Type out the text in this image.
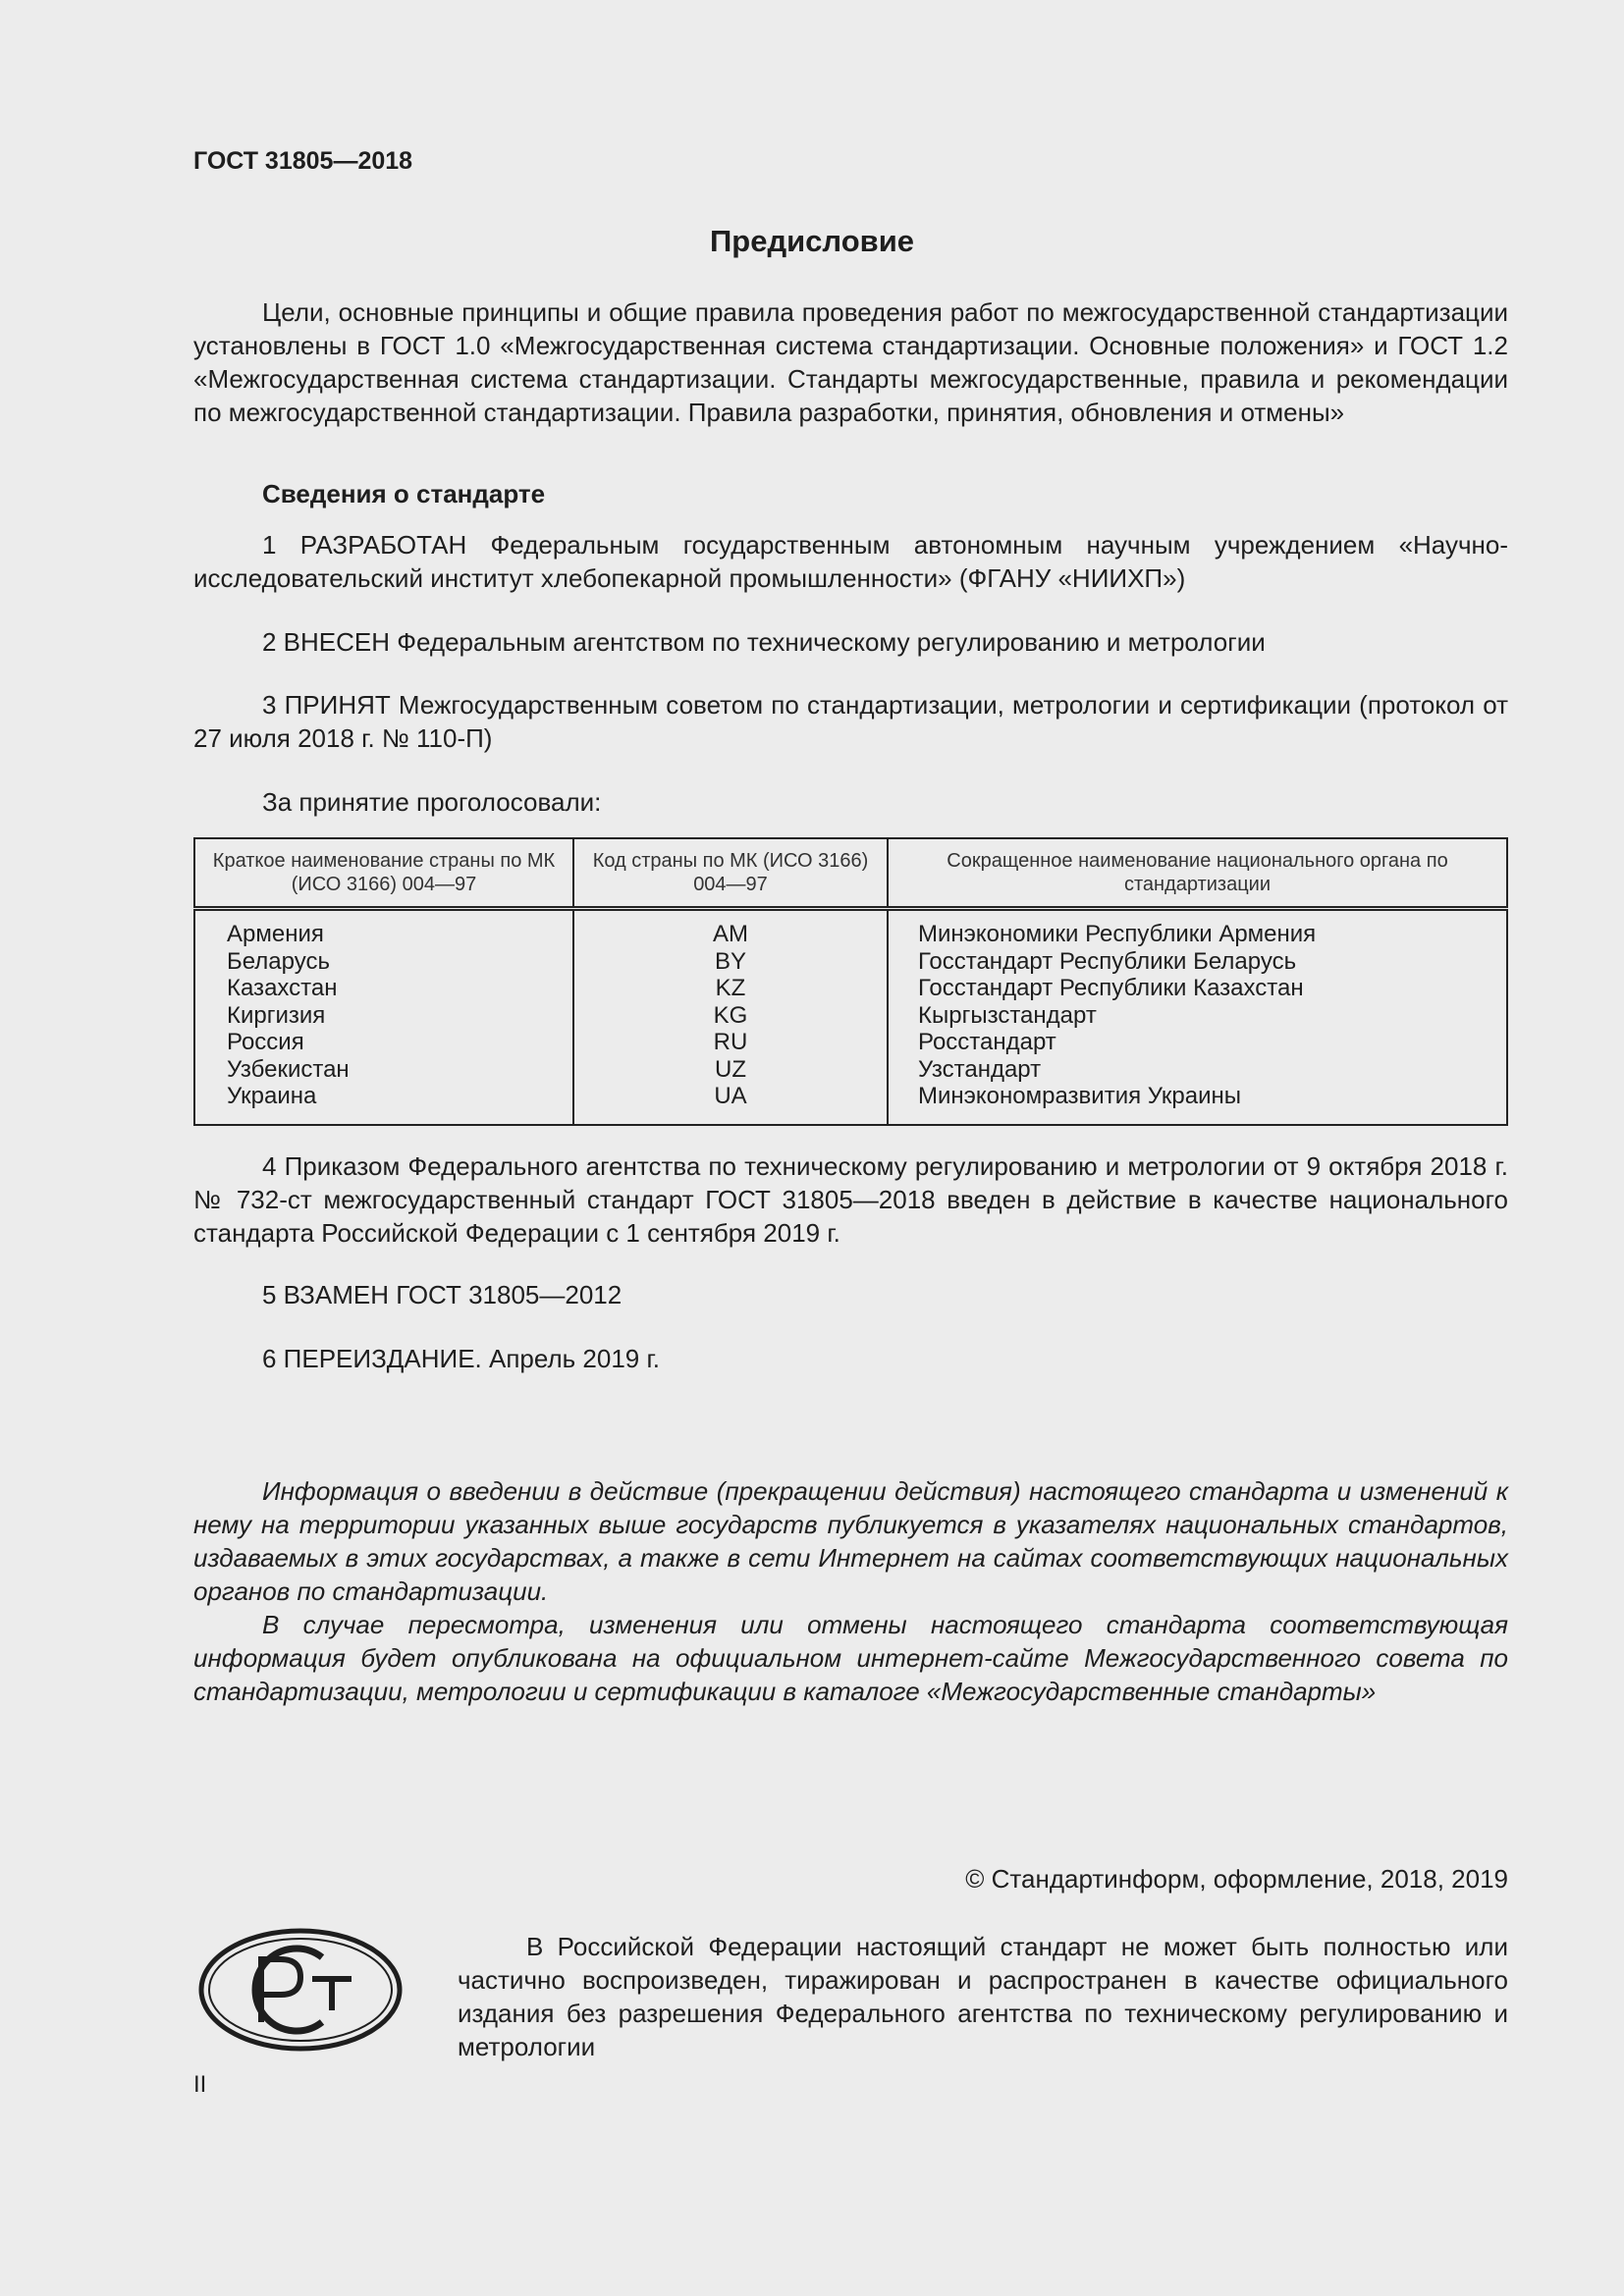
ГОСТ 31805—2018
Предисловие
Цели, основные принципы и общие правила проведения работ по межгосударственной стандартизации установлены в ГОСТ 1.0 «Межгосударственная система стандартизации. Основные положения» и ГОСТ 1.2 «Межгосударственная система стандартизации. Стандарты межгосударственные, правила и рекомендации по межгосударственной стандартизации. Правила разработки, принятия, обновления и отмены»
Сведения о стандарте
1 РАЗРАБОТАН Федеральным государственным автономным научным учреждением «Научно-исследовательский институт хлебопекарной промышленности» (ФГАНУ «НИИХП»)
2 ВНЕСЕН Федеральным агентством по техническому регулированию и метрологии
3 ПРИНЯТ Межгосударственным советом по стандартизации, метрологии и сертификации (протокол от 27 июля 2018 г. № 110-П)
За принятие проголосовали:
Краткое наименование страны по МК (ИСО 3166) 004—97	Код страны по МК (ИСО 3166) 004—97	Сокращенное наименование национального органа по стандартизации
Армения	AM	Минэкономики Республики Армения
Беларусь	BY	Госстандарт Республики Беларусь
Казахстан	KZ	Госстандарт Республики Казахстан
Киргизия	KG	Кыргызстандарт
Россия	RU	Росстандарт
Узбекистан	UZ	Узстандарт
Украина	UA	Минэкономразвития Украины
4 Приказом Федерального агентства по техническому регулированию и метрологии от 9 октября 2018 г. № 732-ст межгосударственный стандарт ГОСТ 31805—2018 введен в действие в качестве национального стандарта Российской Федерации с 1 сентября 2019 г.
5 ВЗАМЕН ГОСТ 31805—2012
6 ПЕРЕИЗДАНИЕ. Апрель 2019 г.
Информация о введении в действие (прекращении действия) настоящего стандарта и изменений к нему на территории указанных выше государств публикуется в указателях национальных стандартов, издаваемых в этих государствах, а также в сети Интернет на сайтах соответствующих национальных органов по стандартизации.
В случае пересмотра, изменения или отмены настоящего стандарта соответствующая информация будет опубликована на официальном интернет-сайте Межгосударственного совета по стандартизации, метрологии и сертификации в каталоге «Межгосударственные стандарты»
© Стандартинформ, оформление, 2018, 2019
В Российской Федерации настоящий стандарт не может быть полностью или частично воспроизведен, тиражирован и распространен в качестве официального издания без разрешения Федерального агентства по техническому регулированию и метрологии
II
